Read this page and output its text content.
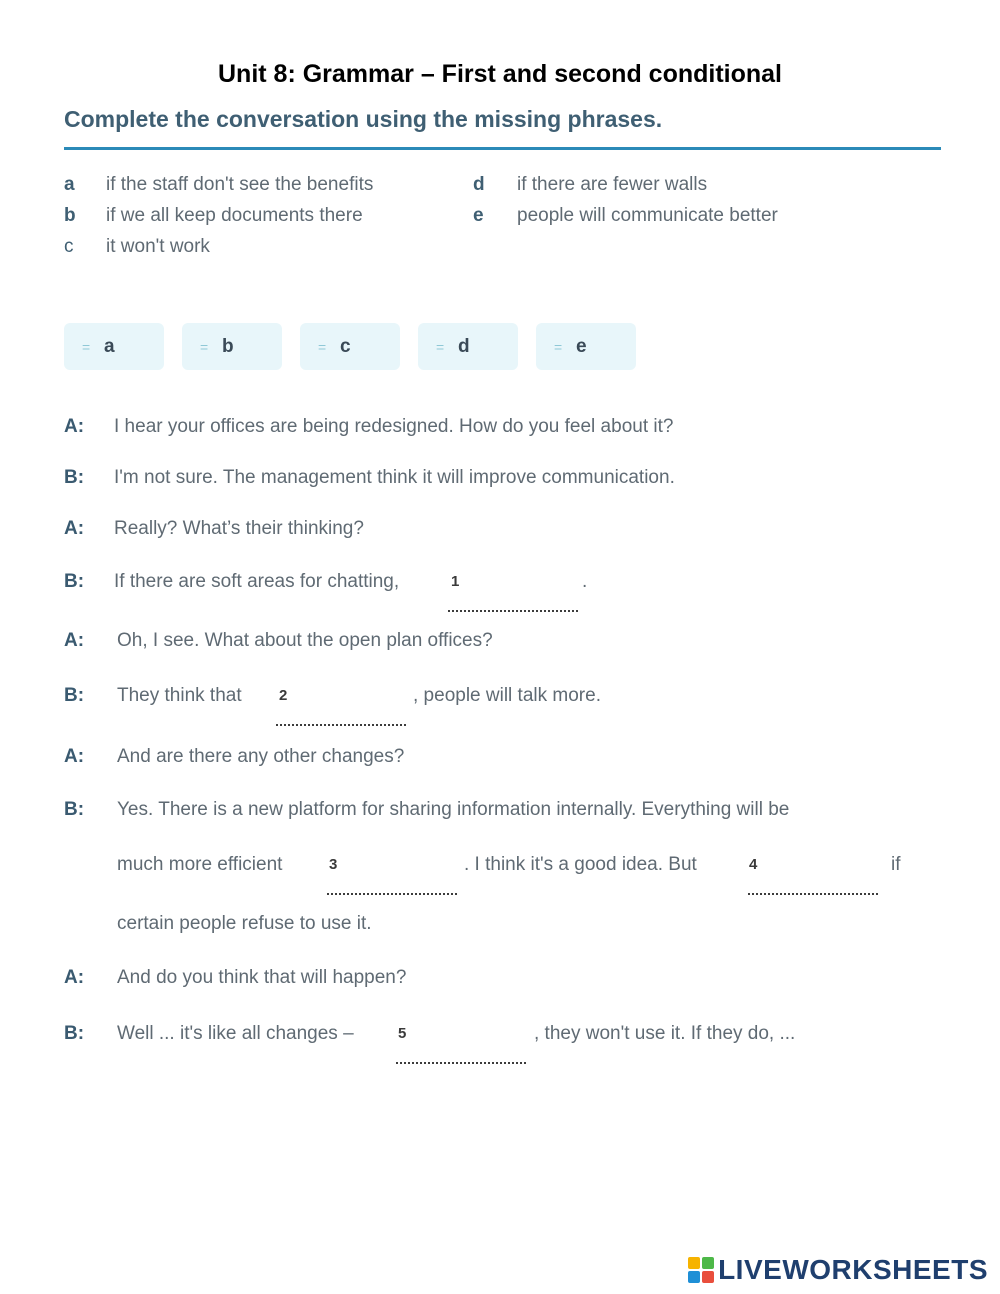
Unit 8: Grammar – First and second conditional
Complete the conversation using the missing phrases.
a if the staff don't see the benefits
b if we all keep documents there
c it won't work
d if there are fewer walls
e people will communicate better
= a	= b	= c	= d	= e
A: I hear your offices are being redesigned. How do you feel about it?
B: I'm not sure. The management think it will improve communication.
A: Really? What’s their thinking?
B: If there are soft areas for chatting,	1	.
A: Oh, I see. What about the open plan offices?
B: They think that 2	, people will talk more.
A: And are there any other changes?
B: Yes. There is a new platform for sharing information internally. Everything will be
much more efficient	3	. I think it's a good idea. But	4	if
certain people refuse to use it.
A: And do you think that will happen?
B: Well ... it's like all changes –	5	, they won't use it. If they do, ...
LIVEWORKSHEETS
